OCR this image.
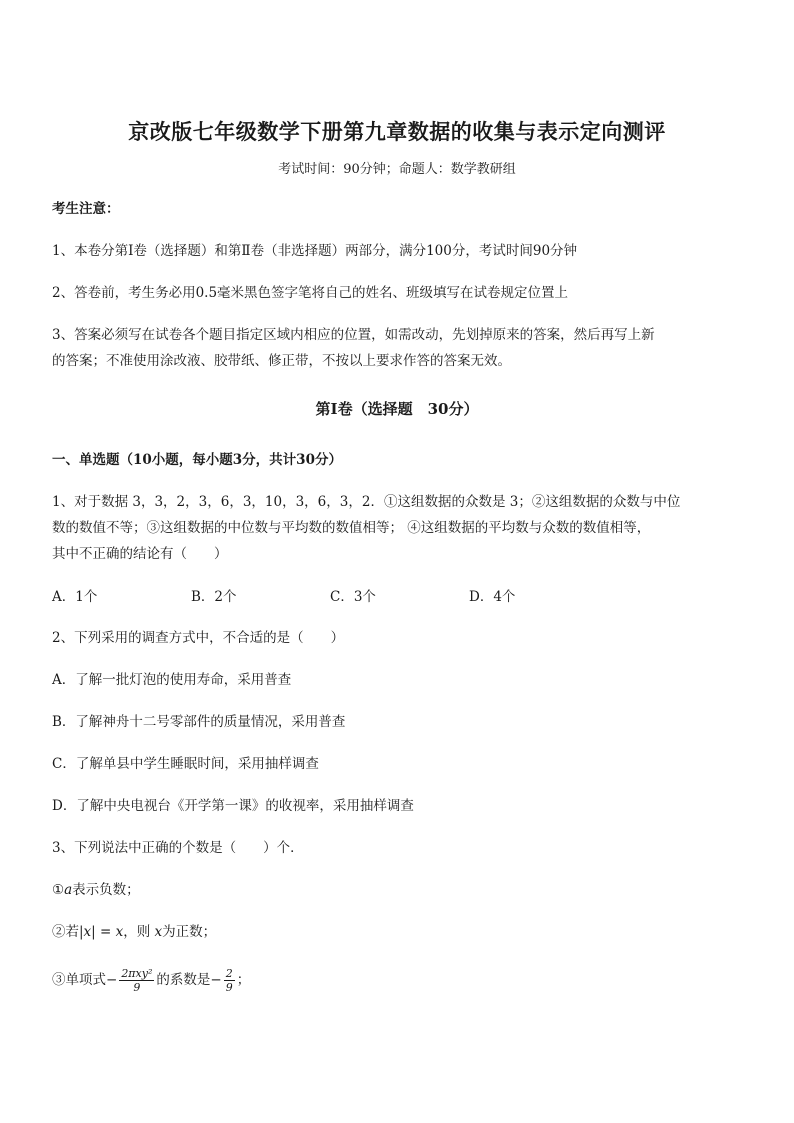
京改版七年级数学下册第九章数据的收集与表示定向测评
考试时间：90分钟；命题人：数学教研组
考生注意：
1、本卷分第Ⅰ卷（选择题）和第Ⅱ卷（非选择题）两部分，满分100分，考试时间90分钟
2、答卷前，考生务必用0.5毫米黑色签字笔将自己的姓名、班级填写在试卷规定位置上
3、答案必须写在试卷各个题目指定区域内相应的位置，如需改动，先划掉原来的答案，然后再写上新
的答案；不准使用涂改液、胶带纸、修正带，不按以上要求作答的答案无效。
第Ⅰ卷（选择题　30分）
一、单选题（10小题，每小题3分，共计30分）
1、对于数据 3，3，2，3，6，3，10，3，6，3，2．①这组数据的众数是 3；②这组数据的众数与中位
数的数值不等；③这组数据的中位数与平均数的数值相等； ④这组数据的平均数与众数的数值相等，
其中不正确的结论有（　　）
A．1个	B．2个	C．3个	D．4个
2、下列采用的调查方式中，不合适的是（　　）
A．了解一批灯泡的使用寿命，采用普查
B．了解神舟十二号零部件的质量情况，采用普查
C．了解单县中学生睡眠时间，采用抽样调查
D．了解中央电视台《开学第一课》的收视率，采用抽样调查
3、下列说法中正确的个数是（　　）个．
①a表示负数；
②若|x| = x，则 x为正数；
③单项式− $\frac{\text{2πxy²}}{9}$ 的系数是− $\frac{2}{9}$ ；
